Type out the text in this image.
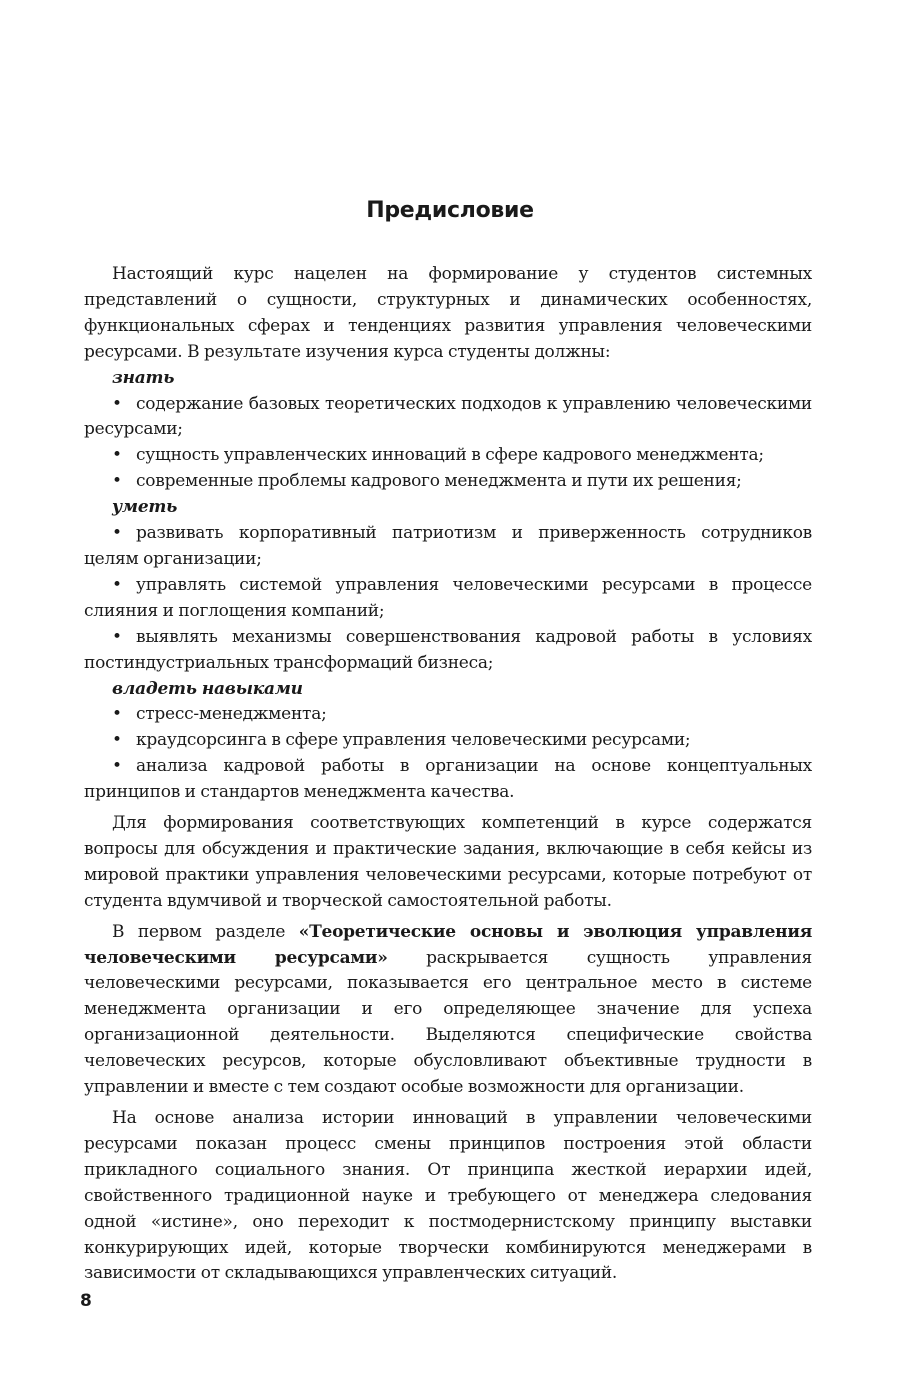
Предисловие

Настоящий курс нацелен на формирование у студентов системных представлений о сущности, структурных и динамических особенностях, функциональных сферах и тенденциях развития управления человеческими ресурсами. В результате изучения курса студенты должны:

знать
• содержание базовых теоретических подходов к управлению человеческими ресурсами;
• сущность управленческих инноваций в сфере кадрового менеджмента;
• современные проблемы кадрового менеджмента и пути их решения;
уметь
• развивать корпоративный патриотизм и приверженность сотрудников целям организации;
• управлять системой управления человеческими ресурсами в процессе слияния и поглощения компаний;
• выявлять механизмы совершенствования кадровой работы в условиях постиндустриальных трансформаций бизнеса;
владеть навыками
• стресс-менеджмента;
• краудсорсинга в сфере управления человеческими ресурсами;
• анализа кадровой работы в организации на основе концептуальных принципов и стандартов менеджмента качества.

Для формирования соответствующих компетенций в курсе содержатся вопросы для обсуждения и практические задания, включающие в себя кейсы из мировой практики управления человеческими ресурсами, которые потребуют от студента вдумчивой и творческой самостоятельной работы.

В первом разделе «Теоретические основы и эволюция управления человеческими ресурсами» раскрывается сущность управления человеческими ресурсами, показывается его центральное место в системе менеджмента организации и его определяющее значение для успеха организационной деятельности. Выделяются специфические свойства человеческих ресурсов, которые обусловливают объективные трудности в управлении и вместе с тем создают особые возможности для организации.

На основе анализа истории инноваций в управлении человеческими ресурсами показан процесс смены принципов построения этой области прикладного социального знания. От принципа жесткой иерархии идей, свойственного традиционной науке и требующего от менеджера следования одной «истине», оно переходит к постмодернистскому принципу выставки конкурирующих идей, которые творчески комбинируются менеджерами в зависимости от складывающихся управленческих ситуаций.

8
